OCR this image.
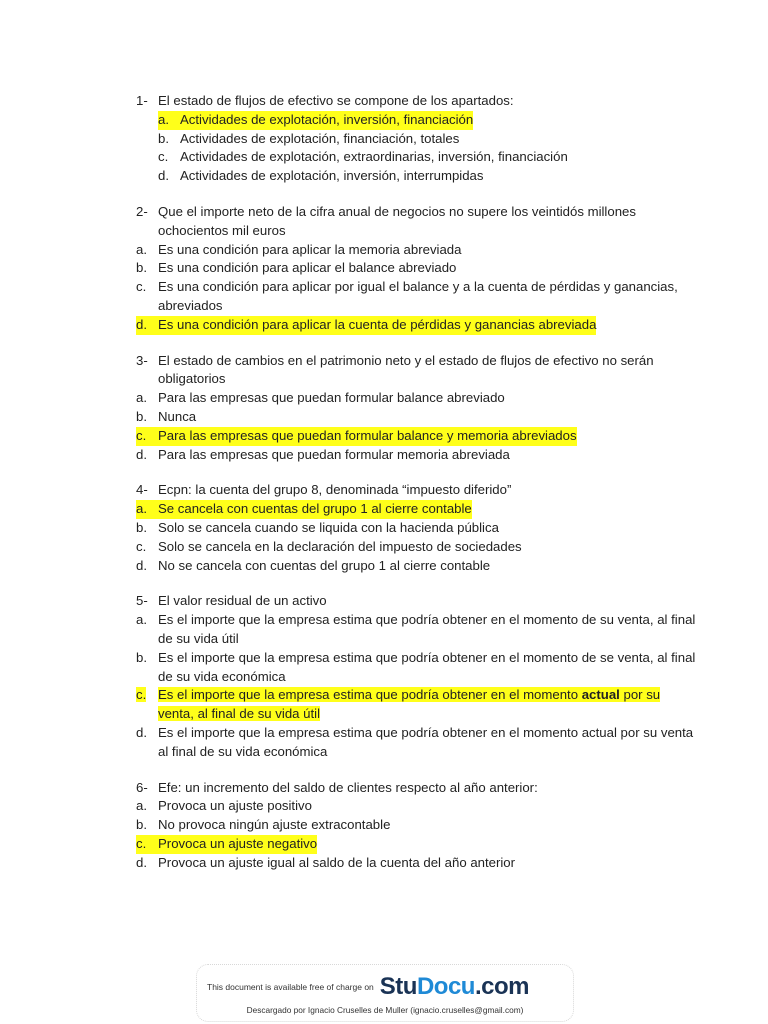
1- El estado de flujos de efectivo se compone de los apartados:
a. Actividades de explotación, inversión, financiación
b. Actividades de explotación, financiación, totales
c. Actividades de explotación, extraordinarias, inversión, financiación
d. Actividades de explotación, inversión, interrumpidas
2- Que el importe neto de la cifra anual de negocios no supere los veintidós millones ochocientos mil euros
a. Es una condición para aplicar la memoria abreviada
b. Es una condición para aplicar el balance abreviado
c. Es una condición para aplicar por igual el balance y a la cuenta de pérdidas y ganancias, abreviados
d. Es una condición para aplicar la cuenta de pérdidas y ganancias abreviada
3- El estado de cambios en el patrimonio neto y el estado de flujos de efectivo no serán obligatorios
a. Para las empresas que puedan formular balance abreviado
b. Nunca
c. Para las empresas que puedan formular balance y memoria abreviados
d. Para las empresas que puedan formular memoria abreviada
4- Ecpn: la cuenta del grupo 8, denominada “impuesto diferido”
a. Se cancela con cuentas del grupo 1 al cierre contable
b. Solo se cancela cuando se liquida con la hacienda pública
c. Solo se cancela en la declaración del impuesto de sociedades
d. No se cancela con cuentas del grupo 1 al cierre contable
5- El valor residual de un activo
a. Es el importe que la empresa estima que podría obtener en el momento de su venta, al final de su vida útil
b. Es el importe que la empresa estima que podría obtener en el momento de se venta, al final de su vida económica
c. Es el importe que la empresa estima que podría obtener en el momento actual por su venta, al final de su vida útil
d. Es el importe que la empresa estima que podría obtener en el momento actual por su venta al final de su vida económica
6- Efe: un incremento del saldo de clientes respecto al año anterior:
a. Provoca un ajuste positivo
b. No provoca ningún ajuste extracontable
c. Provoca un ajuste negativo
d. Provoca un ajuste igual al saldo de la cuenta del año anterior
This document is available free of charge on StuDocu.com
Descargado por Ignacio Cruselles de Muller (ignacio.cruselles@gmail.com)
